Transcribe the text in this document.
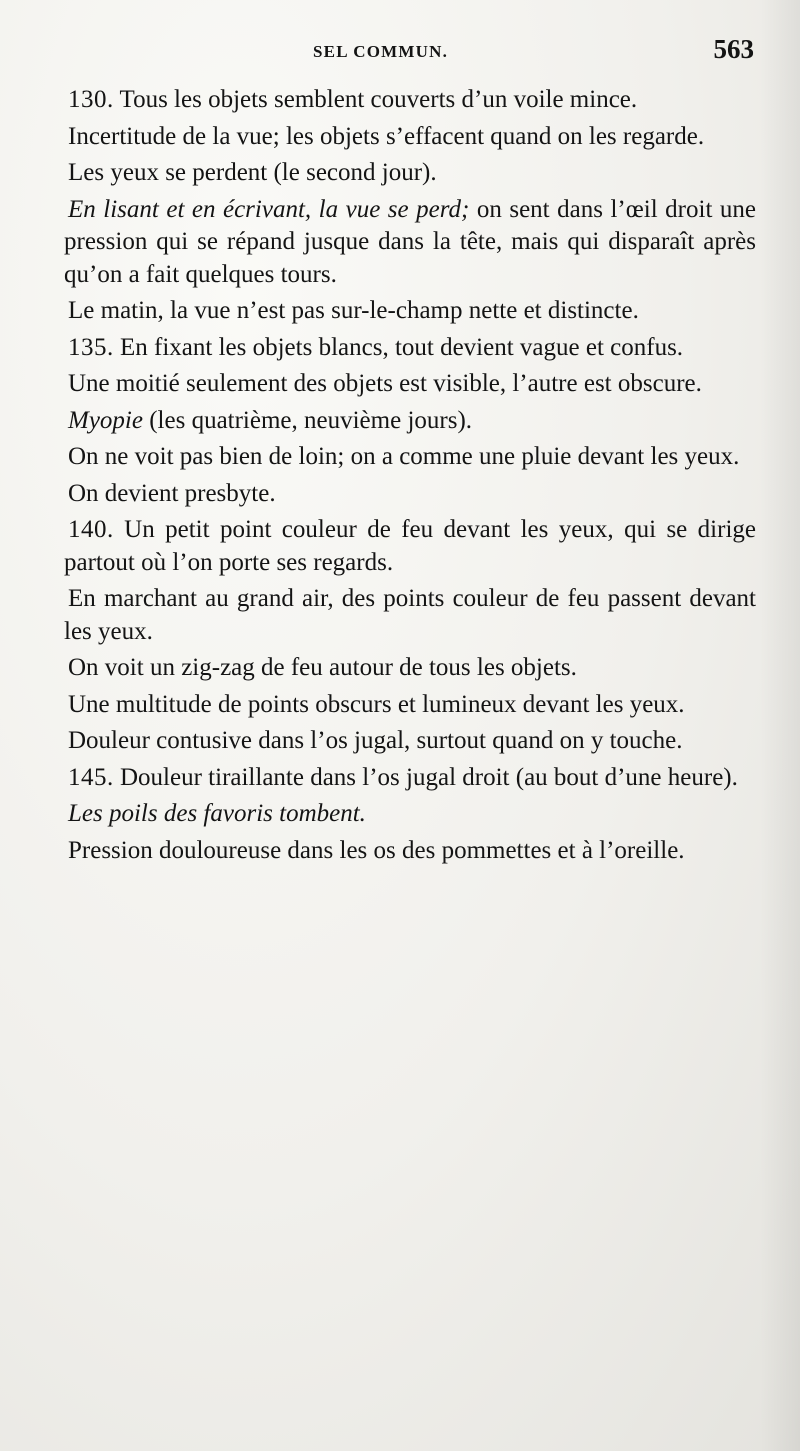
SEL COMMUN.	563

130. Tous les objets semblent couverts d’un voile mince.

Incertitude de la vue; les objets s’effacent quand on les regarde.

Les yeux se perdent (le second jour).

En lisant et en écrivant, la vue se perd; on sent dans l’œil droit une pression qui se répand jusque dans la tête, mais qui disparaît après qu’on a fait quelques tours.

Le matin, la vue n’est pas sur-le-champ nette et distincte.

135. En fixant les objets blancs, tout devient vague et confus.

Une moitié seulement des objets est visible, l’autre est obscure.

Myopie (les quatrième, neuvième jours).

On ne voit pas bien de loin; on a comme une pluie devant les yeux.

On devient presbyte.

140. Un petit point couleur de feu devant les yeux, qui se dirige partout où l’on porte ses regards.

En marchant au grand air, des points couleur de feu passent devant les yeux.

On voit un zig-zag de feu autour de tous les objets.

Une multitude de points obscurs et lumineux devant les yeux.

Douleur contusive dans l’os jugal, surtout quand on y touche.

145. Douleur tiraillante dans l’os jugal droit (au bout d’une heure).

Les poils des favoris tombent.

Pression douloureuse dans les os des pommettes et à l’oreille.
